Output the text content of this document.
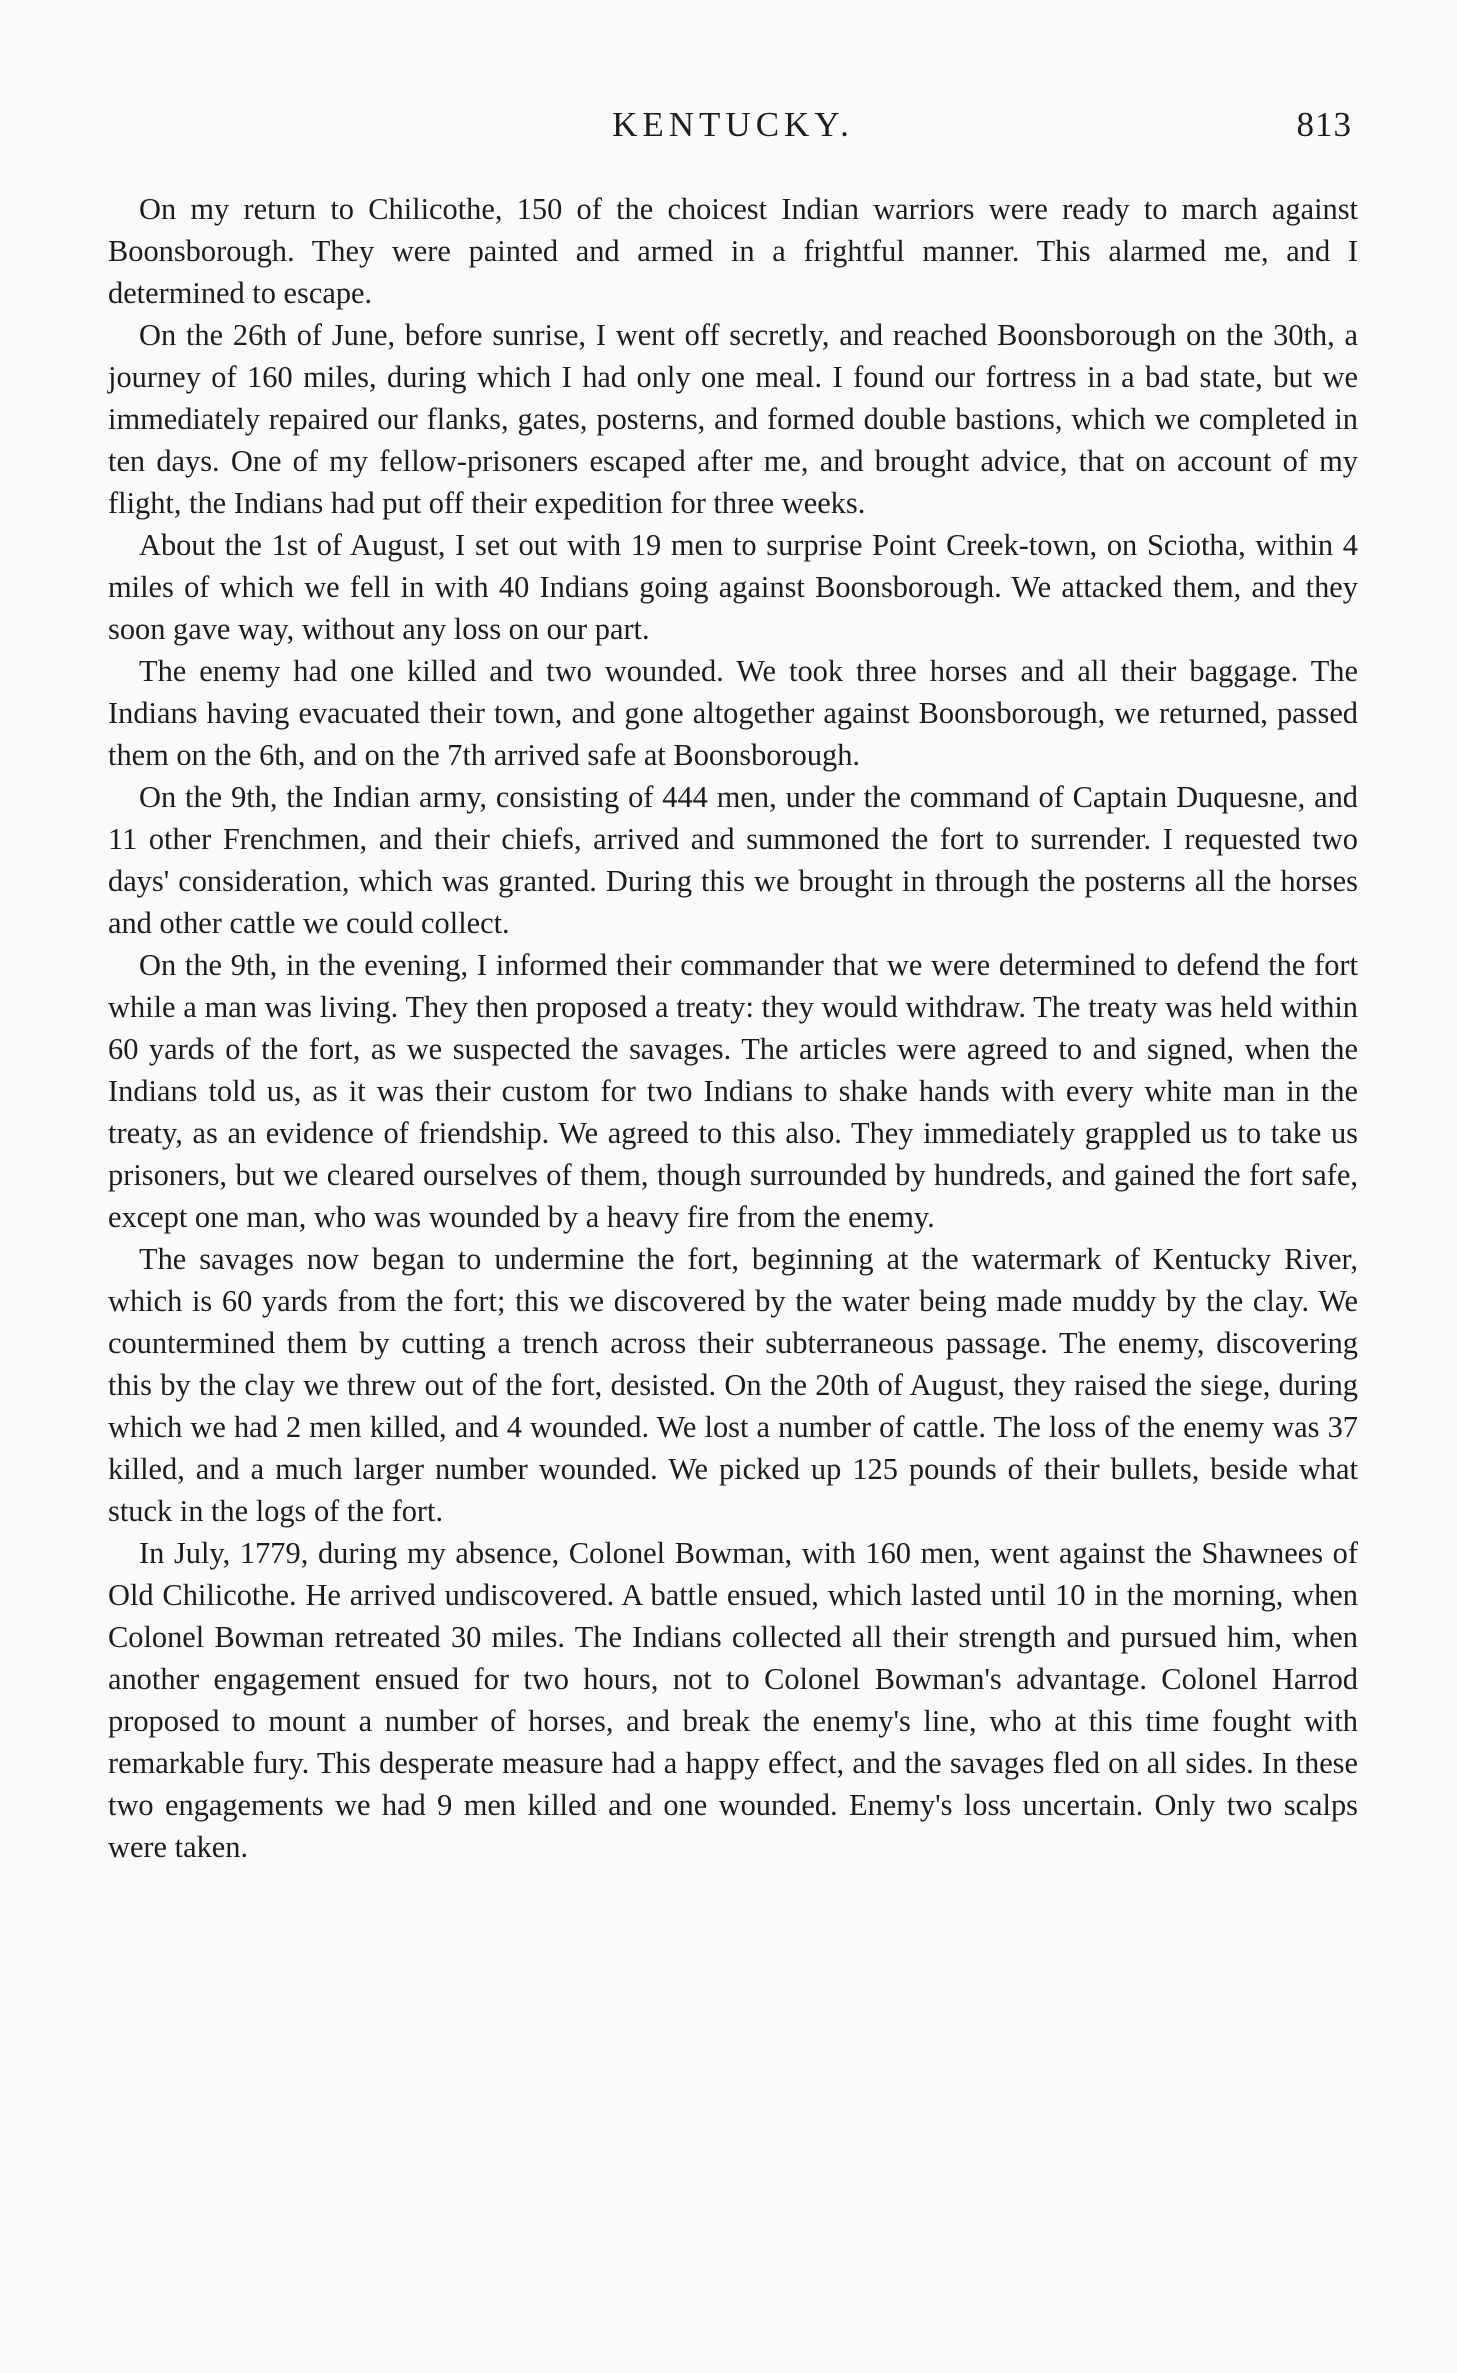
KENTUCKY.	813

On my return to Chilicothe, 150 of the choicest Indian warriors were ready to march against Boonsborough. They were painted and armed in a frightful manner. This alarmed me, and I determined to escape.

On the 26th of June, before sunrise, I went off secretly, and reached Boonsborough on the 30th, a journey of 160 miles, during which I had only one meal. I found our fortress in a bad state, but we immediately repaired our flanks, gates, posterns, and formed double bastions, which we completed in ten days. One of my fellow-prisoners escaped after me, and brought advice, that on account of my flight, the Indians had put off their expedition for three weeks.

About the 1st of August, I set out with 19 men to surprise Point Creek-town, on Sciotha, within 4 miles of which we fell in with 40 Indians going against Boonsborough. We attacked them, and they soon gave way, without any loss on our part.

The enemy had one killed and two wounded. We took three horses and all their baggage. The Indians having evacuated their town, and gone altogether against Boonsborough, we returned, passed them on the 6th, and on the 7th arrived safe at Boonsborough.

On the 9th, the Indian army, consisting of 444 men, under the command of Captain Duquesne, and 11 other Frenchmen, and their chiefs, arrived and summoned the fort to surrender. I requested two days' consideration, which was granted. During this we brought in through the posterns all the horses and other cattle we could collect.

On the 9th, in the evening, I informed their commander that we were determined to defend the fort while a man was living. They then proposed a treaty: they would withdraw. The treaty was held within 60 yards of the fort, as we suspected the savages. The articles were agreed to and signed, when the Indians told us, as it was their custom for two Indians to shake hands with every white man in the treaty, as an evidence of friendship. We agreed to this also. They immediately grappled us to take us prisoners, but we cleared ourselves of them, though surrounded by hundreds, and gained the fort safe, except one man, who was wounded by a heavy fire from the enemy.

The savages now began to undermine the fort, beginning at the watermark of Kentucky River, which is 60 yards from the fort; this we discovered by the water being made muddy by the clay. We countermined them by cutting a trench across their subterraneous passage. The enemy, discovering this by the clay we threw out of the fort, desisted. On the 20th of August, they raised the siege, during which we had 2 men killed, and 4 wounded. We lost a number of cattle. The loss of the enemy was 37 killed, and a much larger number wounded. We picked up 125 pounds of their bullets, beside what stuck in the logs of the fort.

In July, 1779, during my absence, Colonel Bowman, with 160 men, went against the Shawnees of Old Chilicothe. He arrived undiscovered. A battle ensued, which lasted until 10 in the morning, when Colonel Bowman retreated 30 miles. The Indians collected all their strength and pursued him, when another engagement ensued for two hours, not to Colonel Bowman's advantage. Colonel Harrod proposed to mount a number of horses, and break the enemy's line, who at this time fought with remarkable fury. This desperate measure had a happy effect, and the savages fled on all sides. In these two engagements we had 9 men killed and one wounded. Enemy's loss uncertain. Only two scalps were taken.
